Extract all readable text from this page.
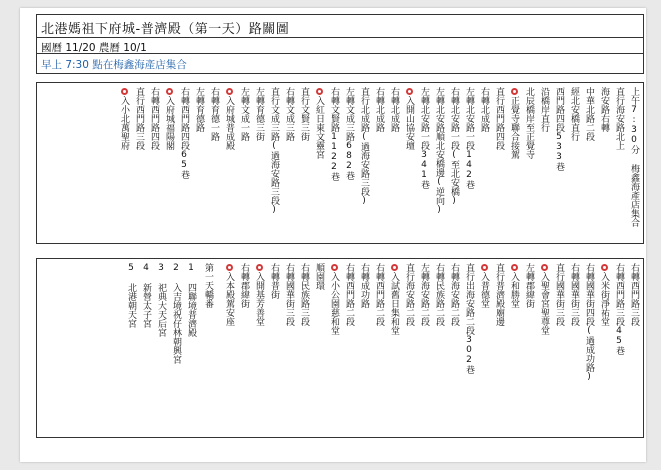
北港媽祖下府城-普濟殿（第一天）路關圖
國曆 11/20 農曆 10/1
早上 7:30 點在梅鑫海產店集合
上午7:30分 梅鑫海產店集合
直行海安路北上
海安路右轉
中華北路二段
經北安橋直行
西門路四段533巷
沿橋岸直行
北辰橋岸至正覺寺
正覺寺聯合接駕
直行西門路四段
右轉北成路
左轉北安路一段142巷
右轉北安路一段(至北安橋)
左轉北安路順北安橋邊(逆向)
左轉北安路一段341巷
入開山協安壇
右轉北成路
右轉北成路
直行北成路(過海安路三段)
左轉文成三路682巷
右轉文賢路1122巷
入紅日東文靈宮
直行文賢三街
右轉文成三路
直行文成三路(過海安路三段)
左轉育德三街
左轉文成一路
入府城普成殿
右轉育德一路
左轉育德路
右轉西門路四段65巷
入府城福陽閣
右轉西門路四段
直行西門路三段
入小北萬聖府
右轉西門路三段
右轉西門路三段45巷
入米街淨祐堂
右轉國華街四段(過成功路)
右轉國華街三段
直行國華街三段
入聖會宮聖尊堂
左轉郡緯街
入和勝堂
直行普濟殿廟邊
入普德堂
直行出海安路二段302巷
右轉海安路二段
右轉民族路二段
左轉海安路二段
直行海安路二段
入試舊日集和堂
右轉西門路二段
右轉成功路
右轉西門路二段
入小公園慈和堂
順園環
右轉民族路三段
右轉國華街三段
右轉普街
入開基芳善堂
右轉郡緯街
入本殿駕安座
第一天轎番
1 四聯境普濟殿
2 入吉境祝仔林朝興宮
3 祀典大天后宮
4 新營太子宮
5 北港朝天宮
